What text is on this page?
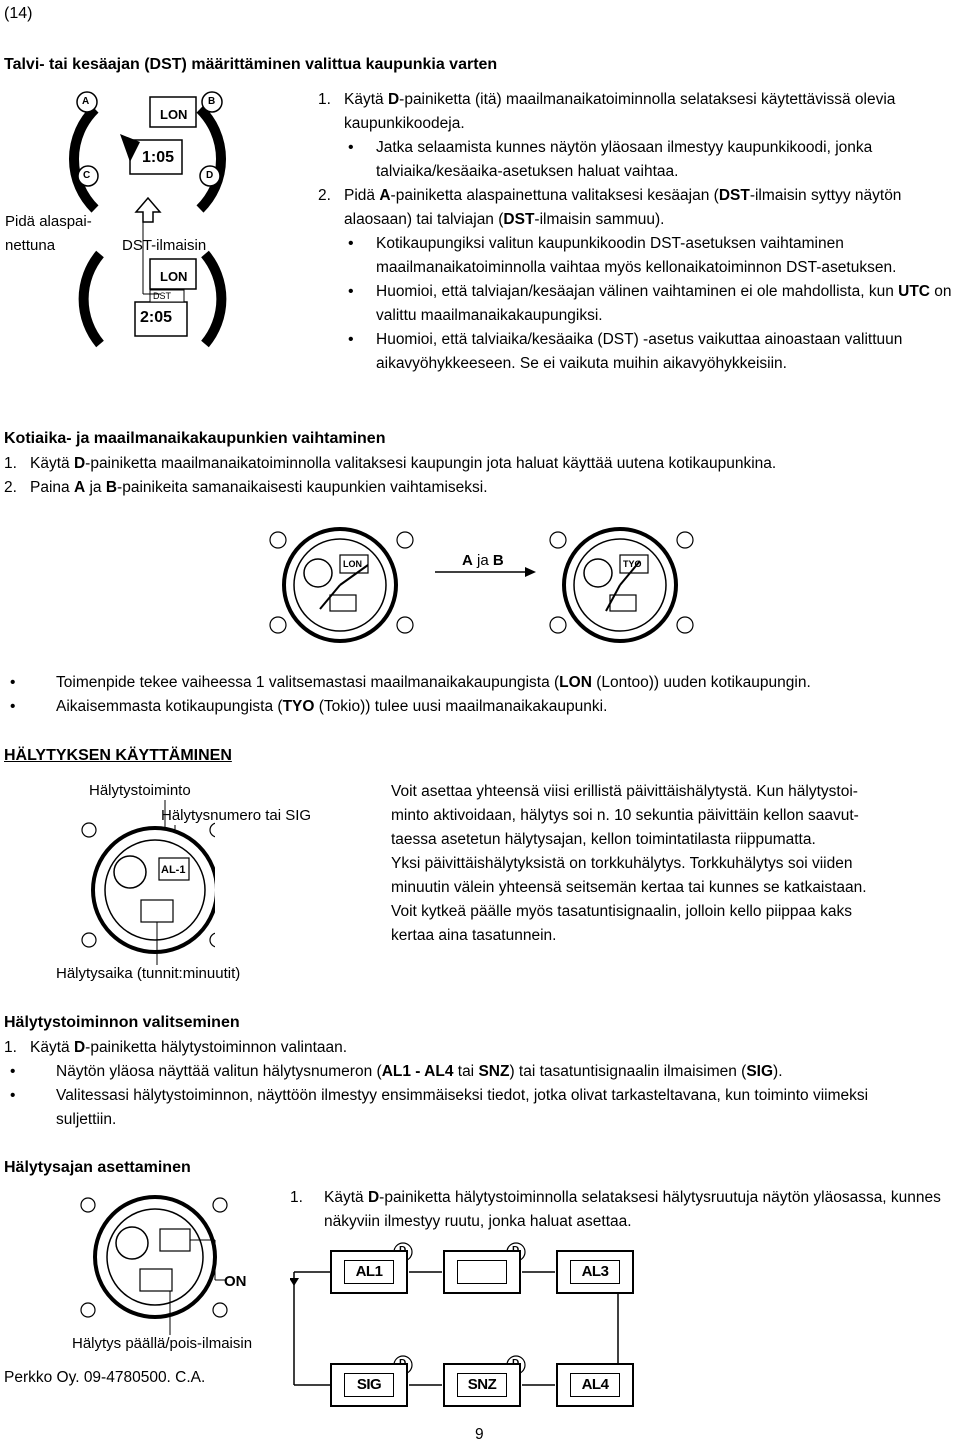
(14)
Talvi- tai kesäajan (DST) määrittäminen valittua kaupunkia varten
A	B
C	D
LON
1:05
LON
DST
2:05
Pidä alaspai-
nettuna	DST-ilmaisin
1. Käytä D-painiketta (itä) maailmanaikatoiminnolla selataksesi käytettävissä olevia kaupunkikoodeja.
• Jatka selaamista kunnes näytön yläosaan ilmestyy kaupunkikoodi, jonka talviaika/kesäaika-asetuksen haluat vaihtaa.
2. Pidä A-painiketta alaspainettuna valitaksesi kesäajan (DST-ilmaisin syttyy näytön alaosaan) tai talviajan (DST-ilmaisin sammuu).
• Kotikaupungiksi valitun kaupunkikoodin DST-asetuksen vaihtaminen maailmanaikatoiminnolla vaihtaa myös kellonaikatoiminnon DST-asetuksen.
• Huomioi, että talviajan/kesäajan välinen vaihtaminen ei ole mahdollista, kun UTC on valittu maailmanaikakaupungiksi.
• Huomioi, että talviaika/kesäaika (DST) -asetus vaikuttaa ainoastaan valittuun aikavyöhykkeeseen. Se ei vaikuta muihin aikavyöhykkeisiin.
Kotiaika- ja maailmanaikakaupunkien vaihtaminen
1. Käytä D-painiketta maailmanaikatoiminnolla valitaksesi kaupungin jota haluat käyttää uutena kotikaupunkina.
2. Paina A ja B-painikeita samanaikaisesti kaupunkien vaihtamiseksi.
LON	TYO
A ja B
• Toimenpide tekee vaiheessa 1 valitsemastasi maailmanaikakaupungista (LON (Lontoo)) uuden kotikaupungin.
• Aikaisemmasta kotikaupungista (TYO (Tokio)) tulee uusi maailmanaikakaupunki.
HÄLYTYKSEN KÄYTTÄMINEN
Hälytystoiminto
Hälytysnumero tai SIG
AL-1
Hälytysaika (tunnit:minuutit)
Voit asettaa yhteensä viisi erillistä päivittäishälytystä. Kun hälytystoi-
minto aktivoidaan, hälytys soi n. 10 sekuntia päivittäin kellon saavut-
taessa asetetun hälytysajan, kellon toimintatilasta riippumatta.
Yksi päivittäishälytyksistä on torkkuhälytys. Torkkuhälytys soi viiden
minuutin välein yhteensä seitsemän kertaa tai kunnes se katkaistaan.
Voit kytkeä päälle myös tasatuntisignaalin, jolloin kello piippaa kaks
kertaa aina tasatunnein.
Hälytystoiminnon valitseminen
1. Käytä D-painiketta hälytystoiminnon valintaan.
• Näytön yläosa näyttää valitun hälytysnumeron (AL1 - AL4 tai SNZ) tai tasatuntisignaalin ilmaisimen (SIG).
• Valitessasi hälytystoiminnon, näyttöön ilmestyy ensimmäiseksi tiedot, jotka olivat tarkasteltavana, kun toiminto viimeksi suljettiin.
Hälytysajan asettaminen
ON
Hälytys päällä/pois-ilmaisin
1. Käytä D-painiketta hälytystoiminnolla selataksesi hälytysruutuja näytön yläosassa, kunnes näkyviin ilmestyy ruutu, jonka haluat asettaa.
AL1	AL3
SIG	SNZ	AL4
Perkko Oy. 09-4780500. C.A.
9
